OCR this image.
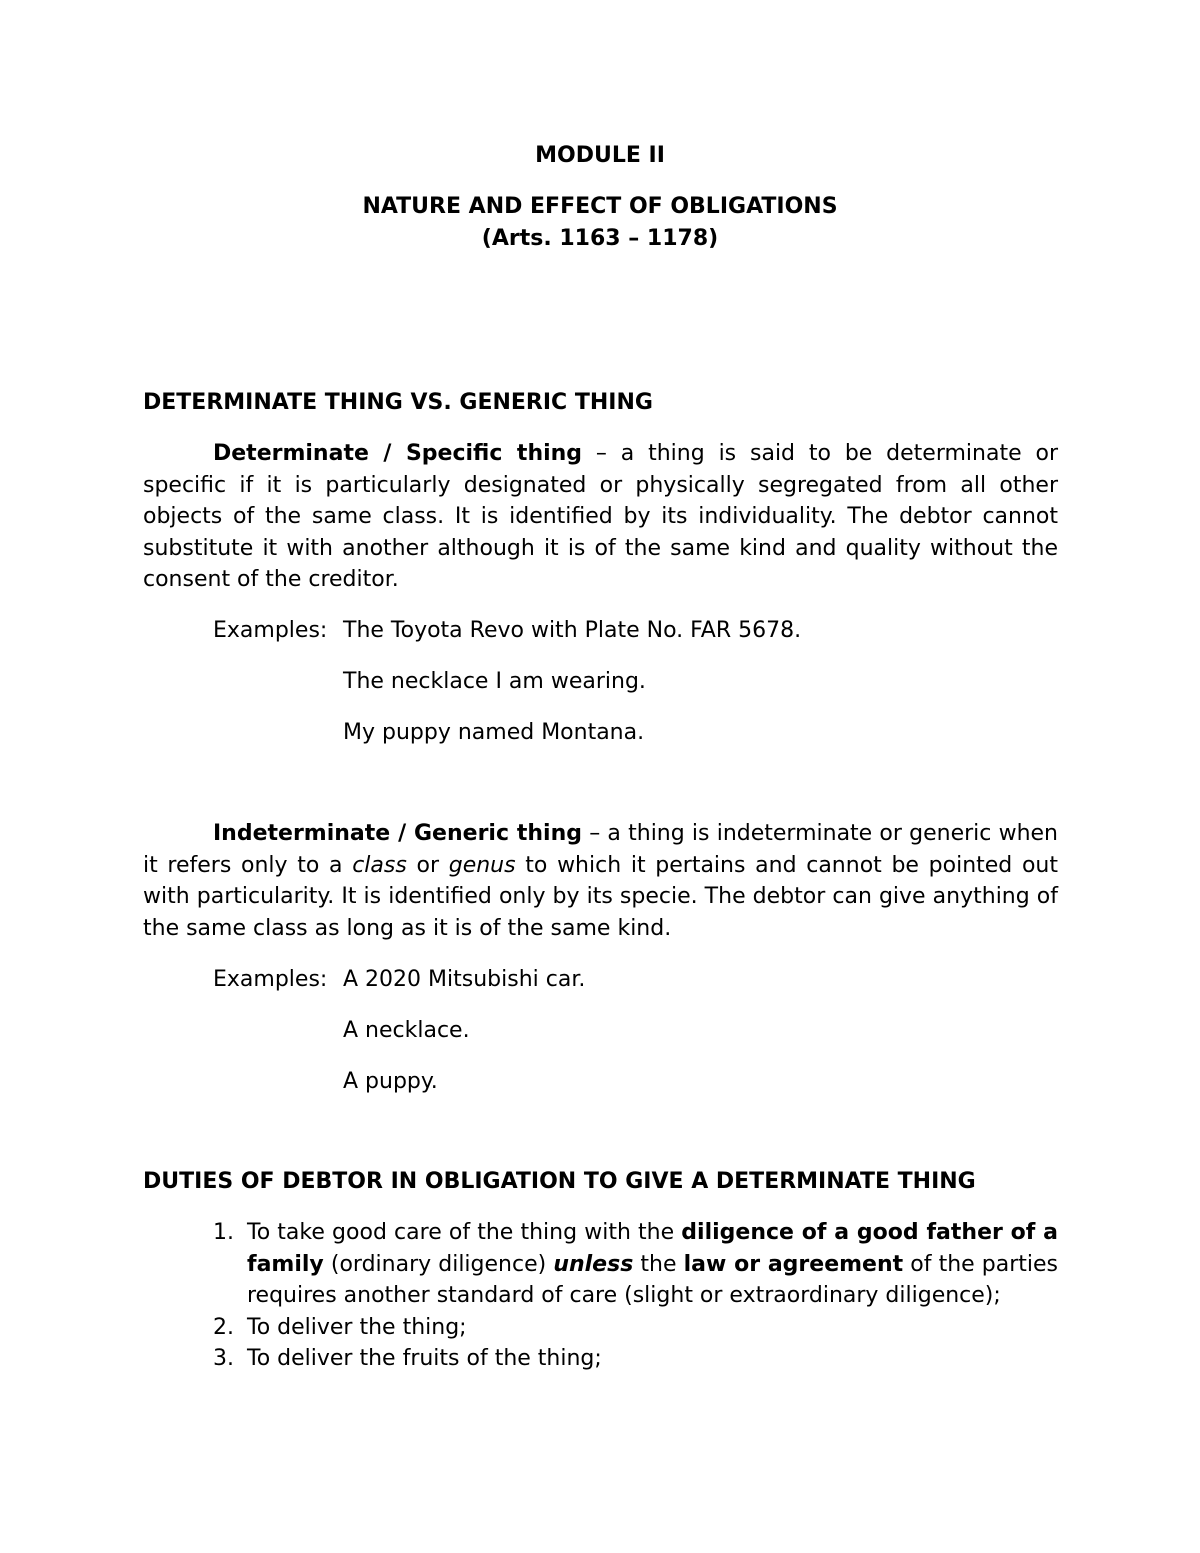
MODULE II
NATURE AND EFFECT OF OBLIGATIONS
(Arts. 1163 – 1178)
DETERMINATE THING VS. GENERIC THING

Determinate / Specific thing – a thing is said to be determinate or specific if it is particularly designated or physically segregated from all other objects of the same class. It is identified by its individuality. The debtor cannot substitute it with another although it is of the same kind and quality without the consent of the creditor.

Examples: The Toyota Revo with Plate No. FAR 5678.
The necklace I am wearing.
My puppy named Montana.

Indeterminate / Generic thing – a thing is indeterminate or generic when it refers only to a class or genus to which it pertains and cannot be pointed out with particularity. It is identified only by its specie. The debtor can give anything of the same class as long as it is of the same kind.

Examples: A 2020 Mitsubishi car.
A necklace.
A puppy.
DUTIES OF DEBTOR IN OBLIGATION TO GIVE A DETERMINATE THING
1. To take good care of the thing with the diligence of a good father of a family (ordinary diligence) unless the law or agreement of the parties requires another standard of care (slight or extraordinary diligence);
2. To deliver the thing;
3. To deliver the fruits of the thing;
